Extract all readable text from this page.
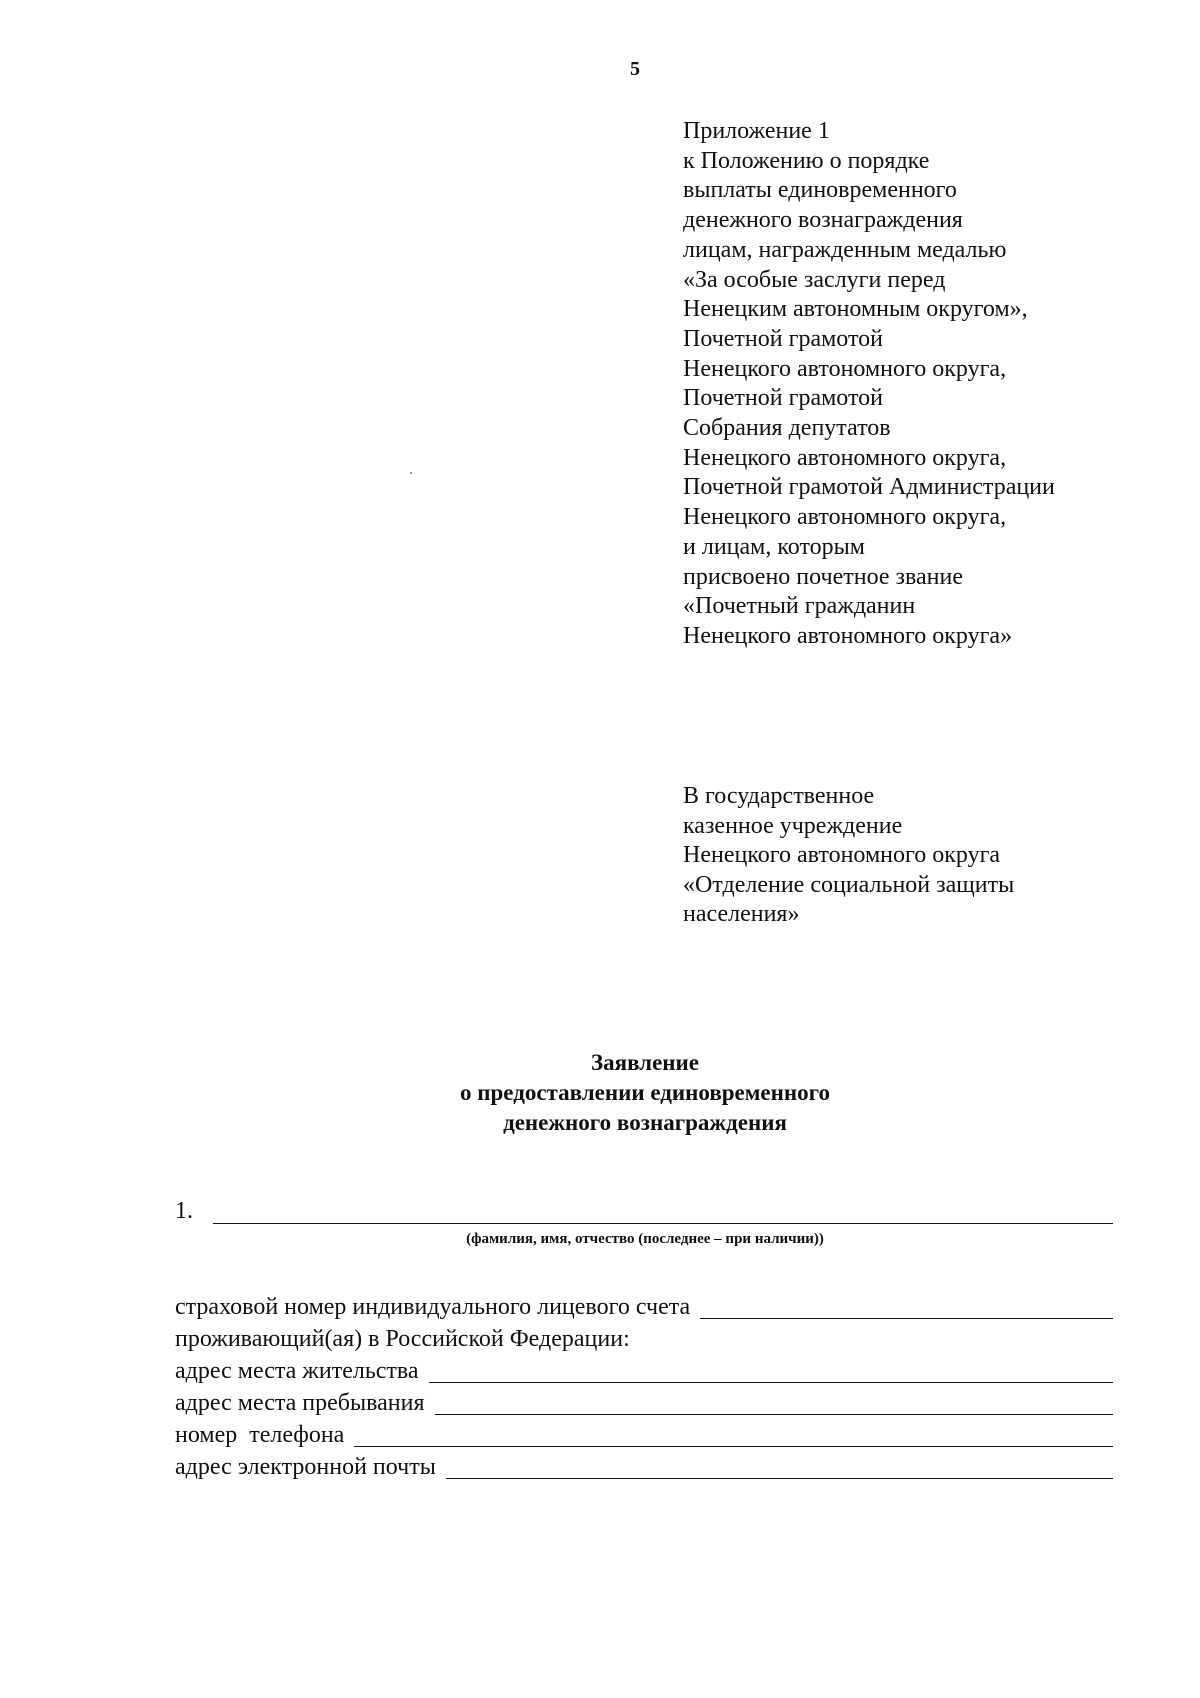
5
Приложение 1
к Положению о порядке
выплаты единовременного
денежного вознаграждения
лицам, награжденным медалью
«За особые заслуги перед
Ненецким автономным округом»,
Почетной грамотой
Ненецкого автономного округа,
Почетной грамотой
Собрания депутатов
Ненецкого автономного округа,
Почетной грамотой Администрации
Ненецкого автономного округа,
и лицам, которым
присвоено почетное звание
«Почетный гражданин
Ненецкого автономного округа»
В государственное
казенное учреждение
Ненецкого автономного округа
«Отделение социальной защиты
населения»
Заявление
о предоставлении единовременного
денежного вознаграждения
1.
(фамилия, имя, отчество (последнее – при наличии))
страховой номер индивидуального лицевого счета
проживающий(ая) в Российской Федерации:
адрес места жительства
адрес места пребывания
номер  телефона
адрес электронной почты
